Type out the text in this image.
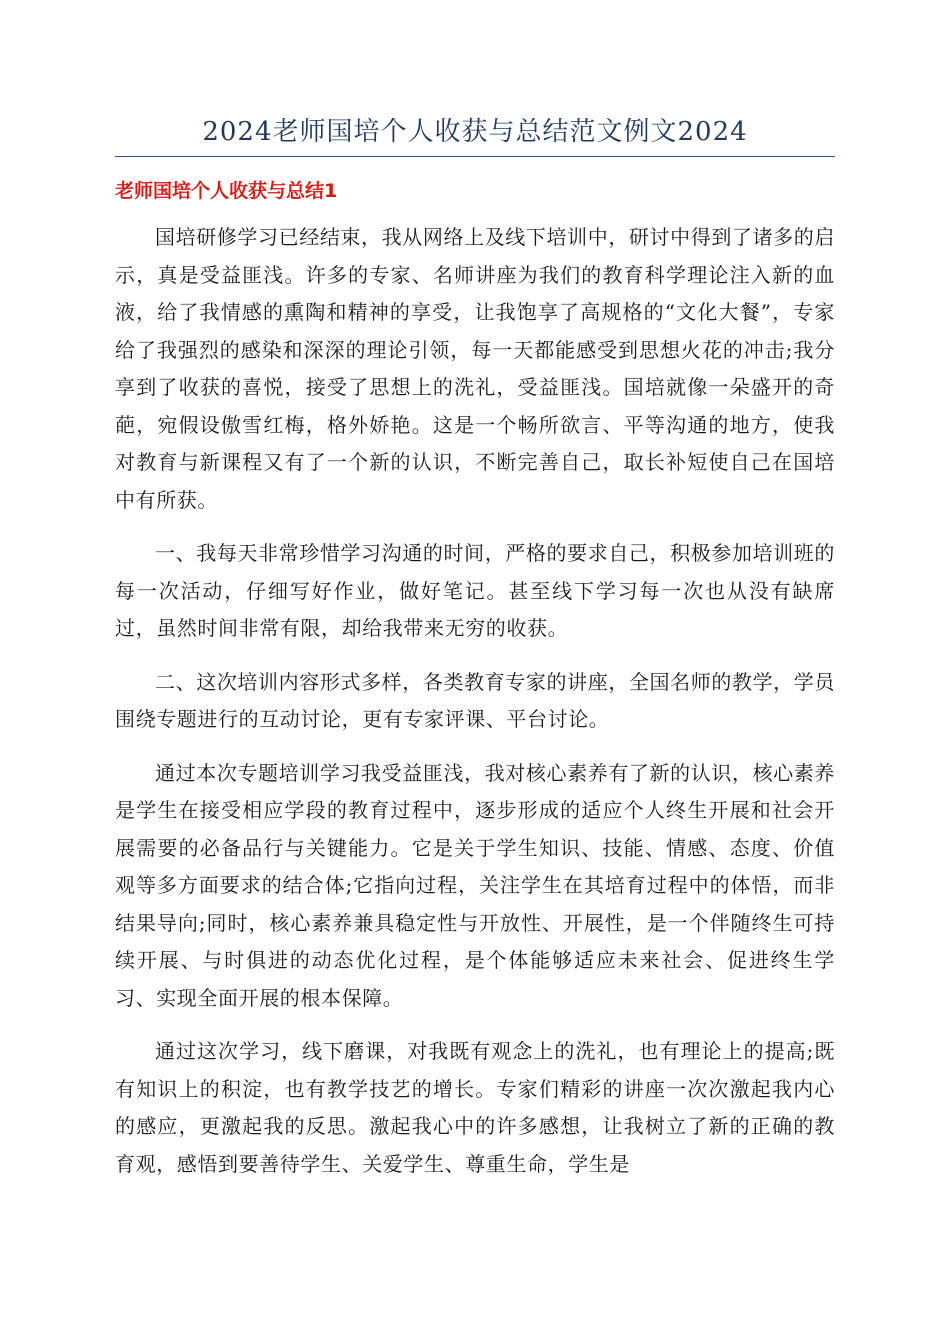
2024老师国培个人收获与总结范文例文2024
老师国培个人收获与总结1

国培研修学习已经结束，我从网络上及线下培训中，研讨中得到了诸多的启示，真是受益匪浅。许多的专家、名师讲座为我们的教育科学理论注入新的血液，给了我情感的熏陶和精神的享受，让我饱享了高规格的“文化大餐”，专家给了我强烈的感染和深深的理论引领，每一天都能感受到思想火花的冲击;我分享到了收获的喜悦，接受了思想上的洗礼，受益匪浅。国培就像一朵盛开的奇葩，宛假设傲雪红梅，格外娇艳。这是一个畅所欲言、平等沟通的地方，使我对教育与新课程又有了一个新的认识，不断完善自己，取长补短使自己在国培中有所获。

一、我每天非常珍惜学习沟通的时间，严格的要求自己，积极参加培训班的每一次活动，仔细写好作业，做好笔记。甚至线下学习每一次也从没有缺席过，虽然时间非常有限，却给我带来无穷的收获。

二、这次培训内容形式多样，各类教育专家的讲座，全国名师的教学，学员围绕专题进行的互动讨论，更有专家评课、平台讨论。

通过本次专题培训学习我受益匪浅，我对核心素养有了新的认识，核心素养是学生在接受相应学段的教育过程中，逐步形成的适应个人终生开展和社会开展需要的必备品行与关键能力。它是关于学生知识、技能、情感、态度、价值观等多方面要求的结合体;它指向过程，关注学生在其培育过程中的体悟，而非结果导向;同时，核心素养兼具稳定性与开放性、开展性，是一个伴随终生可持续开展、与时俱进的动态优化过程，是个体能够适应未来社会、促进终生学习、实现全面开展的根本保障。

通过这次学习，线下磨课，对我既有观念上的洗礼，也有理论上的提高;既有知识上的积淀，也有教学技艺的增长。专家们精彩的讲座一次次激起我内心的感应，更激起我的反思。激起我心中的许多感想，让我树立了新的正确的教育观，感悟到要善待学生、关爱学生、尊重生命，学生是
